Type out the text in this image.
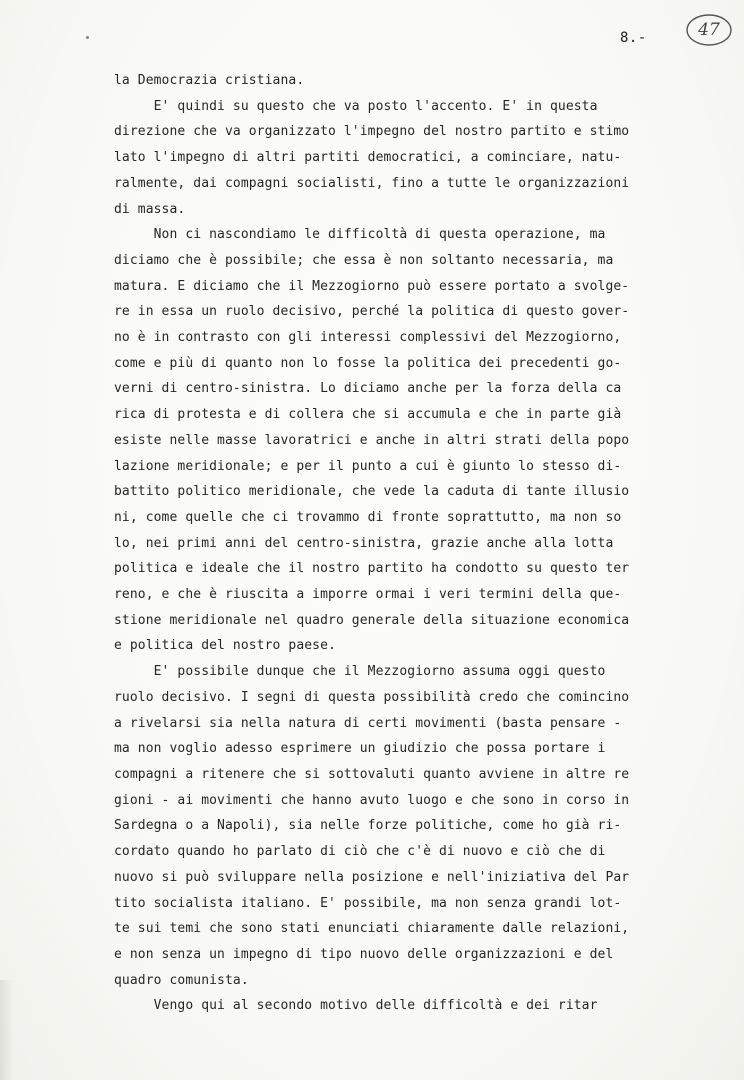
8.-	47
la Democrazia cristiana.
E' quindi su questo che va posto l'accento. E' in questa
direzione che va organizzato l'impegno del nostro partito e stimo
lato l'impegno di altri partiti democratici, a cominciare, natu-
ralmente, dai compagni socialisti, fino a tutte le organizzazioni
di massa.
Non ci nascondiamo le difficoltà di questa operazione, ma
diciamo che è possibile; che essa è non soltanto necessaria, ma
matura. E diciamo che il Mezzogiorno può essere portato a svolge-
re in essa un ruolo decisivo, perché la politica di questo gover-
no è in contrasto con gli interessi complessivi del Mezzogiorno,
come e più di quanto non lo fosse la politica dei precedenti go-
verni di centro-sinistra. Lo diciamo anche per la forza della ca
rica di protesta e di collera che si accumula e che in parte già
esiste nelle masse lavoratrici e anche in altri strati della popo
lazione meridionale; e per il punto a cui è giunto lo stesso di-
battito politico meridionale, che vede la caduta di tante illusio
ni, come quelle che ci trovammo di fronte soprattutto, ma non so
lo, nei primi anni del centro-sinistra, grazie anche alla lotta
politica e ideale che il nostro partito ha condotto su questo ter
reno, e che è riuscita a imporre ormai i veri termini della que-
stione meridionale nel quadro generale della situazione economica
e politica del nostro paese.
E' possibile dunque che il Mezzogiorno assuma oggi questo
ruolo decisivo. I segni di questa possibilità credo che comincino
a rivelarsi sia nella natura di certi movimenti (basta pensare -
ma non voglio adesso esprimere un giudizio che possa portare i
compagni a ritenere che si sottovaluti quanto avviene in altre re
gioni - ai movimenti che hanno avuto luogo e che sono in corso in
Sardegna o a Napoli), sia nelle forze politiche, come ho già ri-
cordato quando ho parlato di ciò che c'è di nuovo e ciò che di
nuovo si può sviluppare nella posizione e nell'iniziativa del Par
tito socialista italiano. E' possibile, ma non senza grandi lot-
te sui temi che sono stati enunciati chiaramente dalle relazioni,
e non senza un impegno di tipo nuovo delle organizzazioni e del
quadro comunista.
Vengo qui al secondo motivo delle difficoltà e dei ritar
